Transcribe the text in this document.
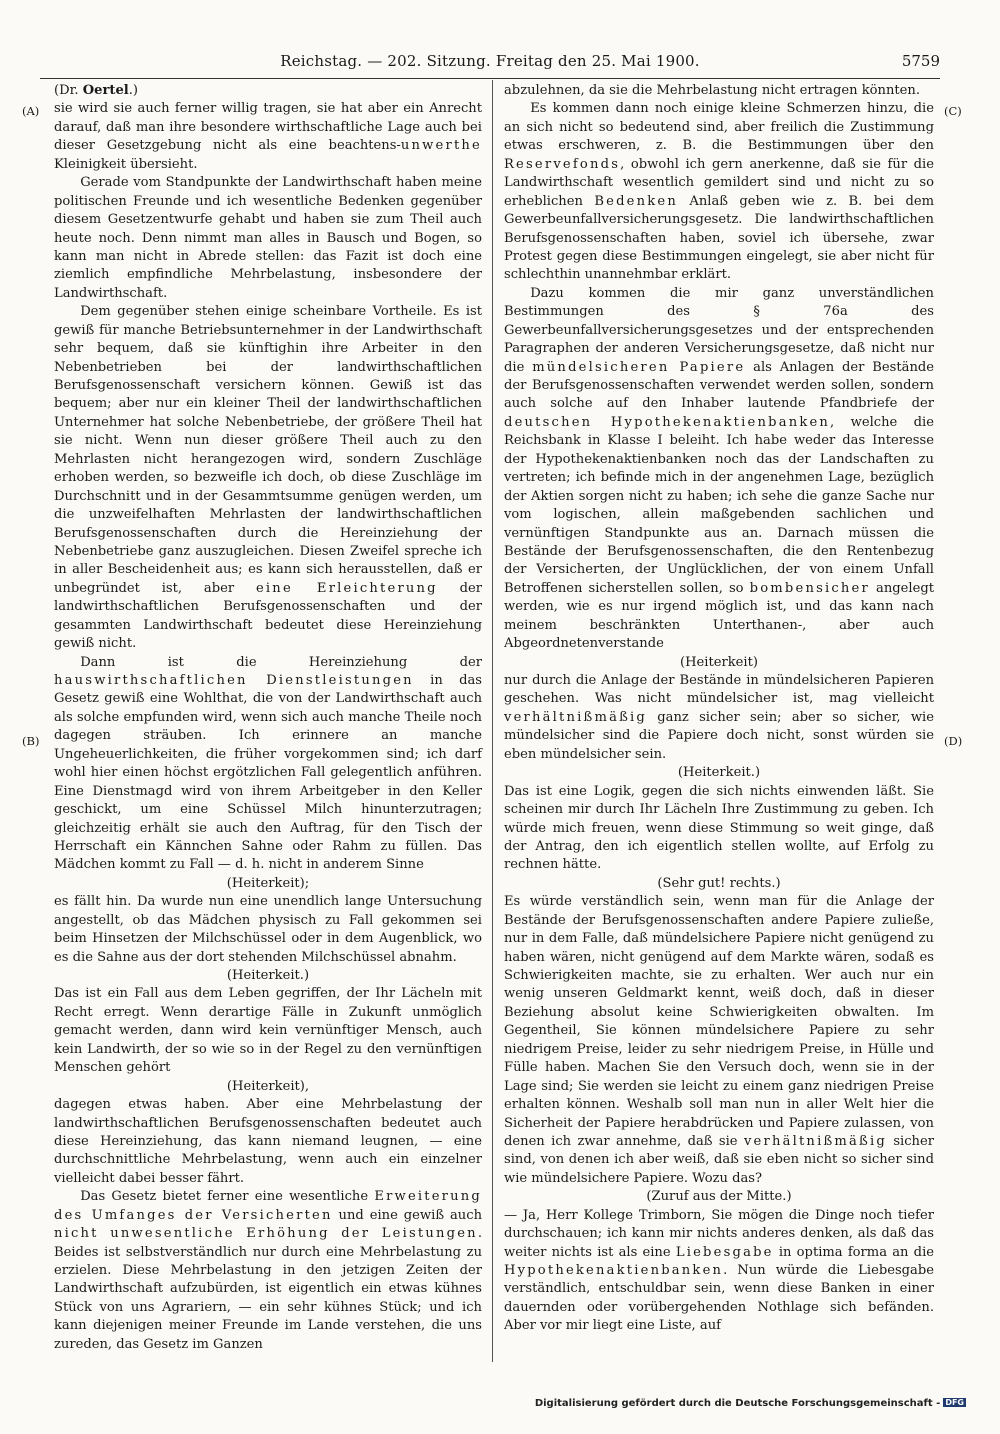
Reichstag. — 202. Sitzung. Freitag den 25. Mai 1900.	5759
(A)
(B)
(C)
(D)

(Dr. Oertel.)

sie wird sie auch ferner willig tragen, sie hat aber ein Anrecht darauf, daß man ihre besondere wirthschaftliche Lage auch bei dieser Gesetzgebung nicht als eine beachtens-unwerthe Kleinigkeit übersieht.

Gerade vom Standpunkte der Landwirthschaft haben meine politischen Freunde und ich wesentliche Bedenken gegenüber diesem Gesetzentwurfe gehabt und haben sie zum Theil auch heute noch. Denn nimmt man alles in Bausch und Bogen, so kann man nicht in Abrede stellen: das Fazit ist doch eine ziemlich empfindliche Mehrbelastung, insbesondere der Landwirthschaft.

Dem gegenüber stehen einige scheinbare Vortheile. Es ist gewiß für manche Betriebsunternehmer in der Landwirthschaft sehr bequem, daß sie künftighin ihre Arbeiter in den Nebenbetrieben bei der landwirthschaftlichen Berufsgenossenschaft versichern können. Gewiß ist das bequem; aber nur ein kleiner Theil der landwirthschaftlichen Unternehmer hat solche Nebenbetriebe, der größere Theil hat sie nicht. Wenn nun dieser größere Theil auch zu den Mehrlasten nicht herangezogen wird, sondern Zuschläge erhoben werden, so bezweifle ich doch, ob diese Zuschläge im Durchschnitt und in der Gesammtsumme genügen werden, um die unzweifelhaften Mehrlasten der landwirthschaftlichen Berufsgenossenschaften durch die Hereinziehung der Nebenbetriebe ganz auszugleichen. Diesen Zweifel spreche ich in aller Bescheidenheit aus; es kann sich herausstellen, daß er unbegründet ist, aber eine Erleichterung der landwirthschaftlichen Berufsgenossenschaften und der gesammten Landwirthschaft bedeutet diese Hereinziehung gewiß nicht.

Dann ist die Hereinziehung der hauswirthschaftlichen Dienstleistungen in das Gesetz gewiß eine Wohlthat, die von der Landwirthschaft auch als solche empfunden wird, wenn sich auch manche Theile noch dagegen sträuben. Ich erinnere an manche Ungeheuerlichkeiten, die früher vorgekommen sind; ich darf wohl hier einen höchst ergötzlichen Fall gelegentlich anführen. Eine Dienstmagd wird von ihrem Arbeitgeber in den Keller geschickt, um eine Schüssel Milch hinunterzutragen; gleichzeitig erhält sie auch den Auftrag, für den Tisch der Herrschaft ein Kännchen Sahne oder Rahm zu füllen. Das Mädchen kommt zu Fall — d. h. nicht in anderem Sinne

(Heiterkeit);

es fällt hin. Da wurde nun eine unendlich lange Untersuchung angestellt, ob das Mädchen physisch zu Fall gekommen sei beim Hinsetzen der Milchschüssel oder in dem Augenblick, wo es die Sahne aus der dort stehenden Milchschüssel abnahm.

(Heiterkeit.)

Das ist ein Fall aus dem Leben gegriffen, der Ihr Lächeln mit Recht erregt. Wenn derartige Fälle in Zukunft unmöglich gemacht werden, dann wird kein vernünftiger Mensch, auch kein Landwirth, der so wie so in der Regel zu den vernünftigen Menschen gehört

(Heiterkeit),

dagegen etwas haben. Aber eine Mehrbelastung der landwirthschaftlichen Berufsgenossenschaften bedeutet auch diese Hereinziehung, das kann niemand leugnen, — eine durchschnittliche Mehrbelastung, wenn auch ein einzelner vielleicht dabei besser fährt.

Das Gesetz bietet ferner eine wesentliche Erweiterung des Umfanges der Versicherten und eine gewiß auch nicht unwesentliche Erhöhung der Leistungen. Beides ist selbstverständlich nur durch eine Mehrbelastung zu erzielen. Diese Mehrbelastung in den jetzigen Zeiten der Landwirthschaft aufzubürden, ist eigentlich ein etwas kühnes Stück von uns Agrariern, — ein sehr kühnes Stück; und ich kann diejenigen meiner Freunde im Lande verstehen, die uns zureden, das Gesetz im Ganzen

abzulehnen, da sie die Mehrbelastung nicht ertragen könnten.

Es kommen dann noch einige kleine Schmerzen hinzu, die an sich nicht so bedeutend sind, aber freilich die Zustimmung etwas erschweren, z. B. die Bestimmungen über den Reservefonds, obwohl ich gern anerkenne, daß sie für die Landwirthschaft wesentlich gemildert sind und nicht zu so erheblichen Bedenken Anlaß geben wie z. B. bei dem Gewerbeunfallversicherungsgesetz. Die landwirthschaftlichen Berufsgenossenschaften haben, soviel ich übersehe, zwar Protest gegen diese Bestimmungen eingelegt, sie aber nicht für schlechthin unannehmbar erklärt.

Dazu kommen die mir ganz unverständlichen Bestimmungen des § 76a des Gewerbeunfallversicherungsgesetzes und der entsprechenden Paragraphen der anderen Versicherungsgesetze, daß nicht nur die mündelsicheren Papiere als Anlagen der Bestände der Berufsgenossenschaften verwendet werden sollen, sondern auch solche auf den Inhaber lautende Pfandbriefe der deutschen Hypothekenaktienbanken, welche die Reichsbank in Klasse I beleiht. Ich habe weder das Interesse der Hypothekenaktienbanken noch das der Landschaften zu vertreten; ich befinde mich in der angenehmen Lage, bezüglich der Aktien sorgen nicht zu haben; ich sehe die ganze Sache nur vom logischen, allein maßgebenden sachlichen und vernünftigen Standpunkte aus an. Darnach müssen die Bestände der Berufsgenossenschaften, die den Rentenbezug der Versicherten, der Unglücklichen, der von einem Unfall Betroffenen sicherstellen sollen, so bombensicher angelegt werden, wie es nur irgend möglich ist, und das kann nach meinem beschränkten Unterthanen-, aber auch Abgeordnetenverstande

(Heiterkeit)

nur durch die Anlage der Bestände in mündelsicheren Papieren geschehen. Was nicht mündelsicher ist, mag vielleicht verhältnißmäßig ganz sicher sein; aber so sicher, wie mündelsicher sind die Papiere doch nicht, sonst würden sie eben mündelsicher sein.

(Heiterkeit.)

Das ist eine Logik, gegen die sich nichts einwenden läßt. Sie scheinen mir durch Ihr Lächeln Ihre Zustimmung zu geben. Ich würde mich freuen, wenn diese Stimmung so weit ginge, daß der Antrag, den ich eigentlich stellen wollte, auf Erfolg zu rechnen hätte.

(Sehr gut! rechts.)

Es würde verständlich sein, wenn man für die Anlage der Bestände der Berufsgenossenschaften andere Papiere zuließe, nur in dem Falle, daß mündelsichere Papiere nicht genügend zu haben wären, nicht genügend auf dem Markte wären, sodaß es Schwierigkeiten machte, sie zu erhalten. Wer auch nur ein wenig unseren Geldmarkt kennt, weiß doch, daß in dieser Beziehung absolut keine Schwierigkeiten obwalten. Im Gegentheil, Sie können mündelsichere Papiere zu sehr niedrigem Preise, leider zu sehr niedrigem Preise, in Hülle und Fülle haben. Machen Sie den Versuch doch, wenn sie in der Lage sind; Sie werden sie leicht zu einem ganz niedrigen Preise erhalten können. Weshalb soll man nun in aller Welt hier die Sicherheit der Papiere herabdrücken und Papiere zulassen, von denen ich zwar annehme, daß sie verhältnißmäßig sicher sind, von denen ich aber weiß, daß sie eben nicht so sicher sind wie mündelsichere Papiere. Wozu das?

(Zuruf aus der Mitte.)

— Ja, Herr Kollege Trimborn, Sie mögen die Dinge noch tiefer durchschauen; ich kann mir nichts anderes denken, als daß das weiter nichts ist als eine Liebesgabe in optima forma an die Hypothekenaktienbanken. Nun würde die Liebesgabe verständlich, entschuldbar sein, wenn diese Banken in einer dauernden oder vorübergehenden Nothlage sich befänden. Aber vor mir liegt eine Liste, auf

Digitalisierung gefördert durch die Deutsche Forschungsgemeinschaft - DFG
